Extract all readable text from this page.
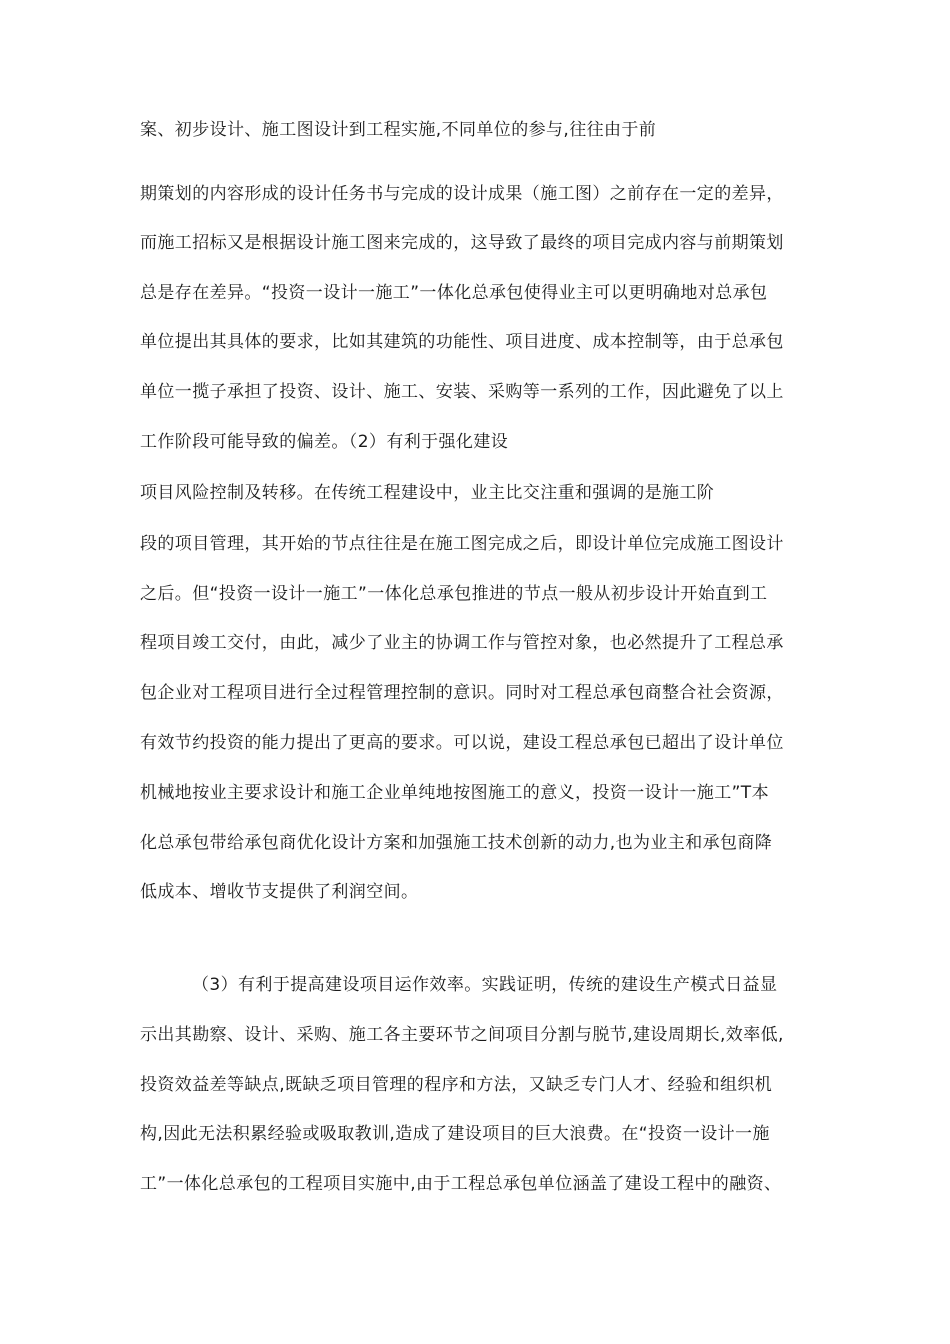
案、初步设计、施工图设计到工程实施,不同单位的参与,往往由于前

期策划的内容形成的设计任务书与完成的设计成果（施工图）之前存在一定的差异，

而施工招标又是根据设计施工图来完成的，这导致了最终的项目完成内容与前期策划

总是存在差异。“投资一设计一施工”一体化总承包使得业主可以更明确地对总承包

单位提出其具体的要求，比如其建筑的功能性、项目进度、成本控制等，由于总承包

单位一揽子承担了投资、设计、施工、安装、采购等一系列的工作，因此避免了以上

工作阶段可能导致的偏差。（2）有利于强化建设

项目风险控制及转移。在传统工程建设中，业主比交注重和强调的是施工阶

段的项目管理，其开始的节点往往是在施工图完成之后，即设计单位完成施工图设计

之后。但“投资一设计一施工”一体化总承包推进的节点一般从初步设计开始直到工

程项目竣工交付，由此，减少了业主的协调工作与管控对象，也必然提升了工程总承

包企业对工程项目进行全过程管理控制的意识。同时对工程总承包商整合社会资源，

有效节约投资的能力提出了更高的要求。可以说，建设工程总承包已超出了设计单位

机械地按业主要求设计和施工企业单纯地按图施工的意义，投资一设计一施工”T本

化总承包带给承包商优化设计方案和加强施工技术创新的动力,也为业主和承包商降

低成本、增收节支提供了利润空间。

（3）有利于提高建设项目运作效率。实践证明，传统的建设生产模式日益显

示出其勘察、设计、采购、施工各主要环节之间项目分割与脱节,建设周期长,效率低,

投资效益差等缺点,既缺乏项目管理的程序和方法，又缺乏专门人才、经验和组织机

构,因此无法积累经验或吸取教训,造成了建设项目的巨大浪费。在“投资一设计一施

工”一体化总承包的工程项目实施中,由于工程总承包单位涵盖了建设工程中的融资、
